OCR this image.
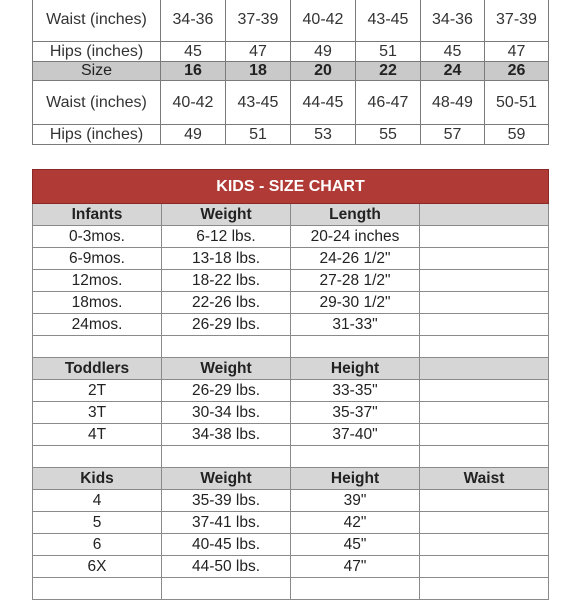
Waist (inches)	34-36	37-39	40-42	43-45	34-36	37-39
Hips (inches)	45	47	49	51	45	47
Size	16	18	20	22	24	26
Waist (inches)	40-42	43-45	44-45	46-47	48-49	50-51
Hips (inches)	49	51	53	55	57	59
KIDS - SIZE CHART			
Infants	Weight	Length	
0-3mos.	6-12 lbs.	20-24 inches	
6-9mos.	13-18 lbs.	24-26 1/2"	
12mos.	18-22 lbs.	27-28 1/2"	
18mos.	22-26 lbs.	29-30 1/2"	
24mos.	26-29 lbs.	31-33"	

Toddlers	Weight	Height	
2T	26-29 lbs.	33-35"	
3T	30-34 lbs.	35-37"	
4T	34-38 lbs.	37-40"	

Kids	Weight	Height	Waist
4	35-39 lbs.	39"	
5	37-41 lbs.	42"	
6	40-45 lbs.	45"	
6X	44-50 lbs.	47"	
